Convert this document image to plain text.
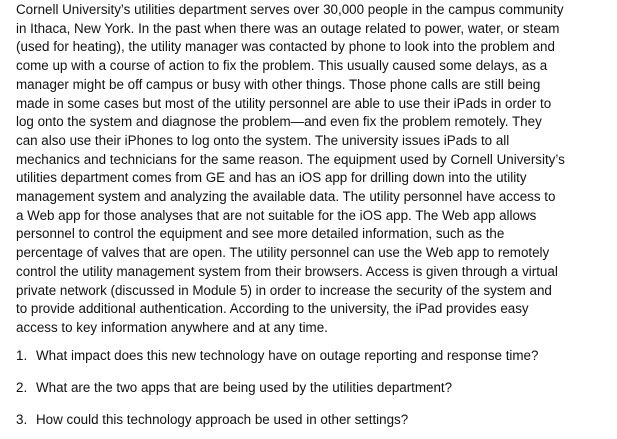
Cornell University’s utilities department serves over 30,000 people in the campus community
in Ithaca, New York. In the past when there was an outage related to power, water, or steam
(used for heating), the utility manager was contacted by phone to look into the problem and
come up with a course of action to fix the problem. This usually caused some delays, as a
manager might be off campus or busy with other things. Those phone calls are still being
made in some cases but most of the utility personnel are able to use their iPads in order to
log onto the system and diagnose the problem—and even fix the problem remotely. They
can also use their iPhones to log onto the system. The university issues iPads to all
mechanics and technicians for the same reason. The equipment used by Cornell University’s
utilities department comes from GE and has an iOS app for drilling down into the utility
management system and analyzing the available data. The utility personnel have access to
a Web app for those analyses that are not suitable for the iOS app. The Web app allows
personnel to control the equipment and see more detailed information, such as the
percentage of valves that are open. The utility personnel can use the Web app to remotely
control the utility management system from their browsers. Access is given through a virtual
private network (discussed in Module 5) in order to increase the security of the system and
to provide additional authentication. According to the university, the iPad provides easy
access to key information anywhere and at any time.
1. What impact does this new technology have on outage reporting and response time?
2. What are the two apps that are being used by the utilities department?
3. How could this technology approach be used in other settings?
